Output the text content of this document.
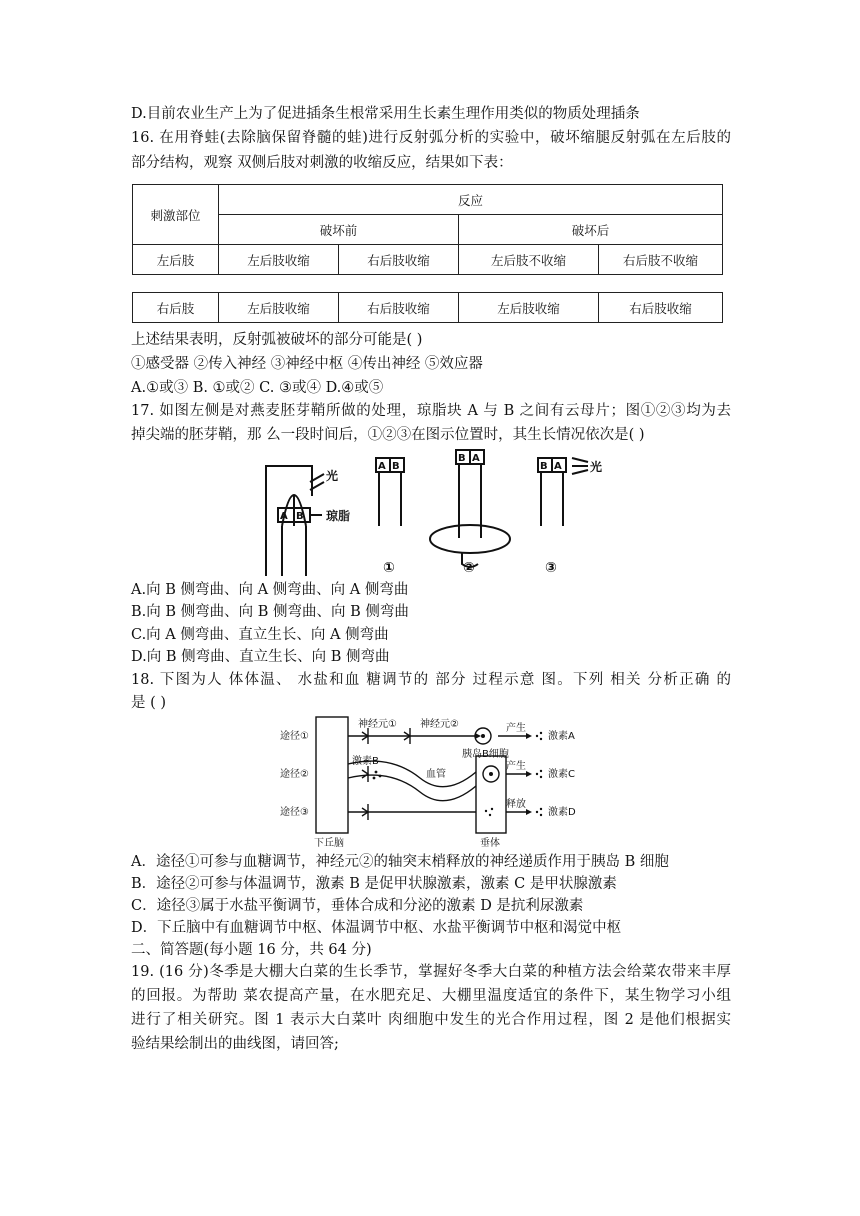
D.目前农业生产上为了促进插条生根常采用生长素生理作用类似的物质处理插条
16. 在用脊蛙(去除脑保留脊髓的蛙)进行反射弧分析的实验中，破坏缩腿反射弧在左后肢的
部分结构，观察 双侧后肢对刺激的收缩反应，结果如下表：
刺激部位	反应			
	破坏前		破坏后	
左后肢	左后肢收缩	右后肢收缩	左后肢不收缩	右后肢不收缩
右后肢	左后肢收缩	右后肢收缩	左后肢收缩	右后肢收缩
上述结果表明，反射弧被破坏的部分可能是( )
①感受器 ②传入神经 ③神经中枢 ④传出神经 ⑤效应器
A.①或③ B. ①或② C. ③或④ D.④或⑤
17. 如图左侧是对燕麦胚芽鞘所做的处理，琼脂块 A 与 B 之间有云母片；图①②③均为去
掉尖端的胚芽鞘，那 么一段时间后，①②③在图示位置时，其生长情况依次是( )
A B
A B
B A
B A
光
琼脂
光
①	②	③
A.向 B 侧弯曲、向 A 侧弯曲、向 A 侧弯曲
B.向 B 侧弯曲、向 B 侧弯曲、向 B 侧弯曲
C.向 A 侧弯曲、直立生长、向 A 侧弯曲
D.向 B 侧弯曲、直立生长、向 B 侧弯曲
18. 下图为人 体体温、 水盐和血 糖调节的 部分 过程示意 图。下列 相关 分析正确 的
是 ( )
途径①
途径②
途径③
神经元① 神经元②	产生
产生
释放
激素A
激素B
激素C
激素D
血管
胰岛B细胞
下丘脑	垂体
A．途径①可参与血糖调节，神经元②的轴突末梢释放的神经递质作用于胰岛 B 细胞
B．途径②可参与体温调节，激素 B 是促甲状腺激素，激素 C 是甲状腺激素
C．途径③属于水盐平衡调节，垂体合成和分泌的激素 D 是抗利尿激素
D．下丘脑中有血糖调节中枢、体温调节中枢、水盐平衡调节中枢和渴觉中枢
二、简答题(每小题 16 分，共 64 分)
19. (16 分)冬季是大棚大白菜的生长季节，掌握好冬季大白菜的种植方法会给菜农带来丰厚
的回报。为帮助 菜农提高产量，在水肥充足、大棚里温度适宜的条件下，某生物学习小组
进行了相关研究。图 1 表示大白菜叶 肉细胞中发生的光合作用过程，图 2 是他们根据实
验结果绘制出的曲线图，请回答;
